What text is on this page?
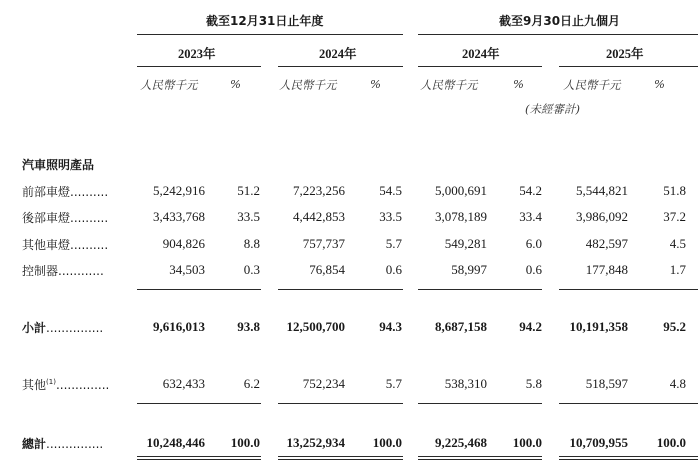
截至12月31日止年度	截至9月30日止九個月
2023年	2024年	2024年	2025年
人民幣千元	%	人民幣千元	%	人民幣千元	%	人民幣千元	%
(未經審計)
汽車照明產品
前部車燈..........	5,242,916 51.2	7,223,256	54.5	5,000,691 54.2	5,544,821	51.8
後部車燈..........	3,433,768 33.5	4,442,853	33.5	3,078,189 33.4	3,986,092	37.2
其他車燈..........	904,826	8.8	757,737	5.7	549,281	6.0	482,597	4.5
控制器............	34,503	0.3	76,854	0.6	58,997	0.6	177,848	1.7
小計...............	9,616,013 93.8 12,500,700	94.3	8,687,158 94.2 10,191,358	95.2
其他$^{(1)}$..............	632,433	6.2	752,234	5.7	538,310	5.8	518,597	4.8
總計...............	10,248,446 100.0 13,252,934 100.0	9,225,468 100.0 10,709,955 100.0
